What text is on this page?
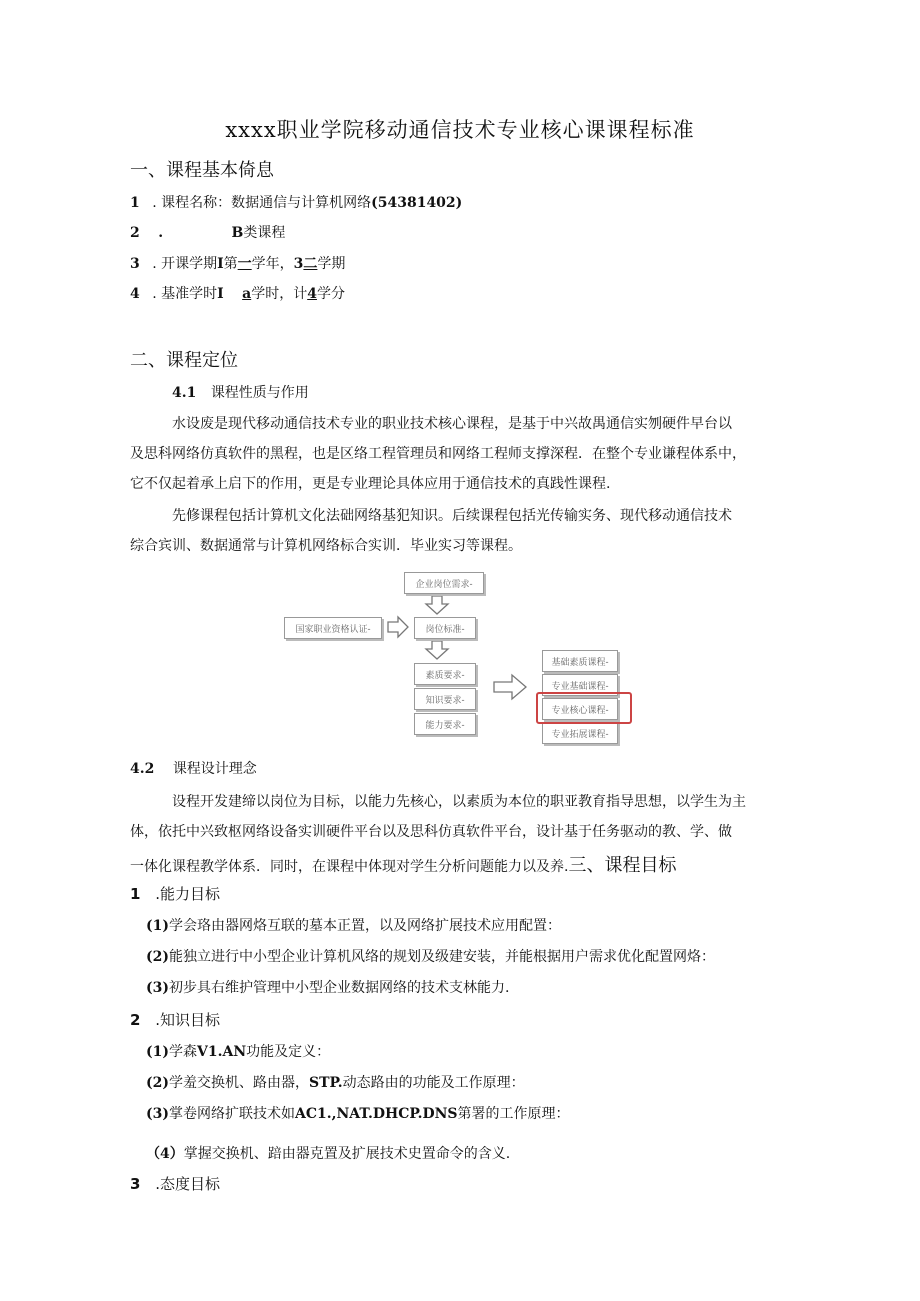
xxxx职业学院移动通信技术专业核心课课程标准
一、课程基本倚息
1 . 课程名称：数据通信与计算机网络(54381402)
2 .	B类课程
3 . 开课学期I第一学年，3二学期
4 . 基准学时I a学时，计4学分
二、课程定位
4.1 课程性质与作用
水设废是现代移动通信技术专业的职业技术核心课程，是基于中兴故禺通信实刎硬件早台以
及思科网络仿真软件的黑程，也是区络工程管理员和网络工程师支撑深程．在整个专业谦程体系中，
它不仅起着承上启下的作用，更是专业理论具体应用于通信技术的真践性课程.
先修课程包括计算机文化法础网络基犯知识。后续课程包括光传输实务、现代移动通信技术
综合宾训、数据通常与计算机网络标合实训．毕业实习等课程。
企业岗位需求-
国家职业资格认证-	岗位标准-
素质要求-
知识要求-
能力要求-
基础素质课程-
专业基础课程-
专业核心课程-
专业拓展课程-
4.2 课程设计理念
设程开发建缔以岗位为目标，以能力先核心，以素质为本位的职亚教育指导思想，以学生为主
体，依托中兴致枢网络设备实训硬件平台以及思科仿真软件平台，设计基于任务驱动的教、学、做
一体化课程教学体系．同时，在课程中体现对学生分析问题能力以及养.三、课程目标
1 .能力目标
(1)学会珞由器网烙互联的墓本正置，以及网络扩展技术应用配置：
(2)能独立进行中小型企业计算机风络的规划及级建安装，并能根据用户需求优化配置网烙：
(3)初步具右维护管理中小型企业数据网络的技术支林能力.
2 .知识目标
(1)学森V1.AN功能及定义：
(2)学羞交换机、路由器，STP.动态路由的功能及工作原理：
(3)掌卷网络扩联技术如AC1.,NAT.DHCP.DNS第署的工作原理：
（4）掌握交换机、踣由器克置及扩展技术史置命令的含义.
3 .态度目标
